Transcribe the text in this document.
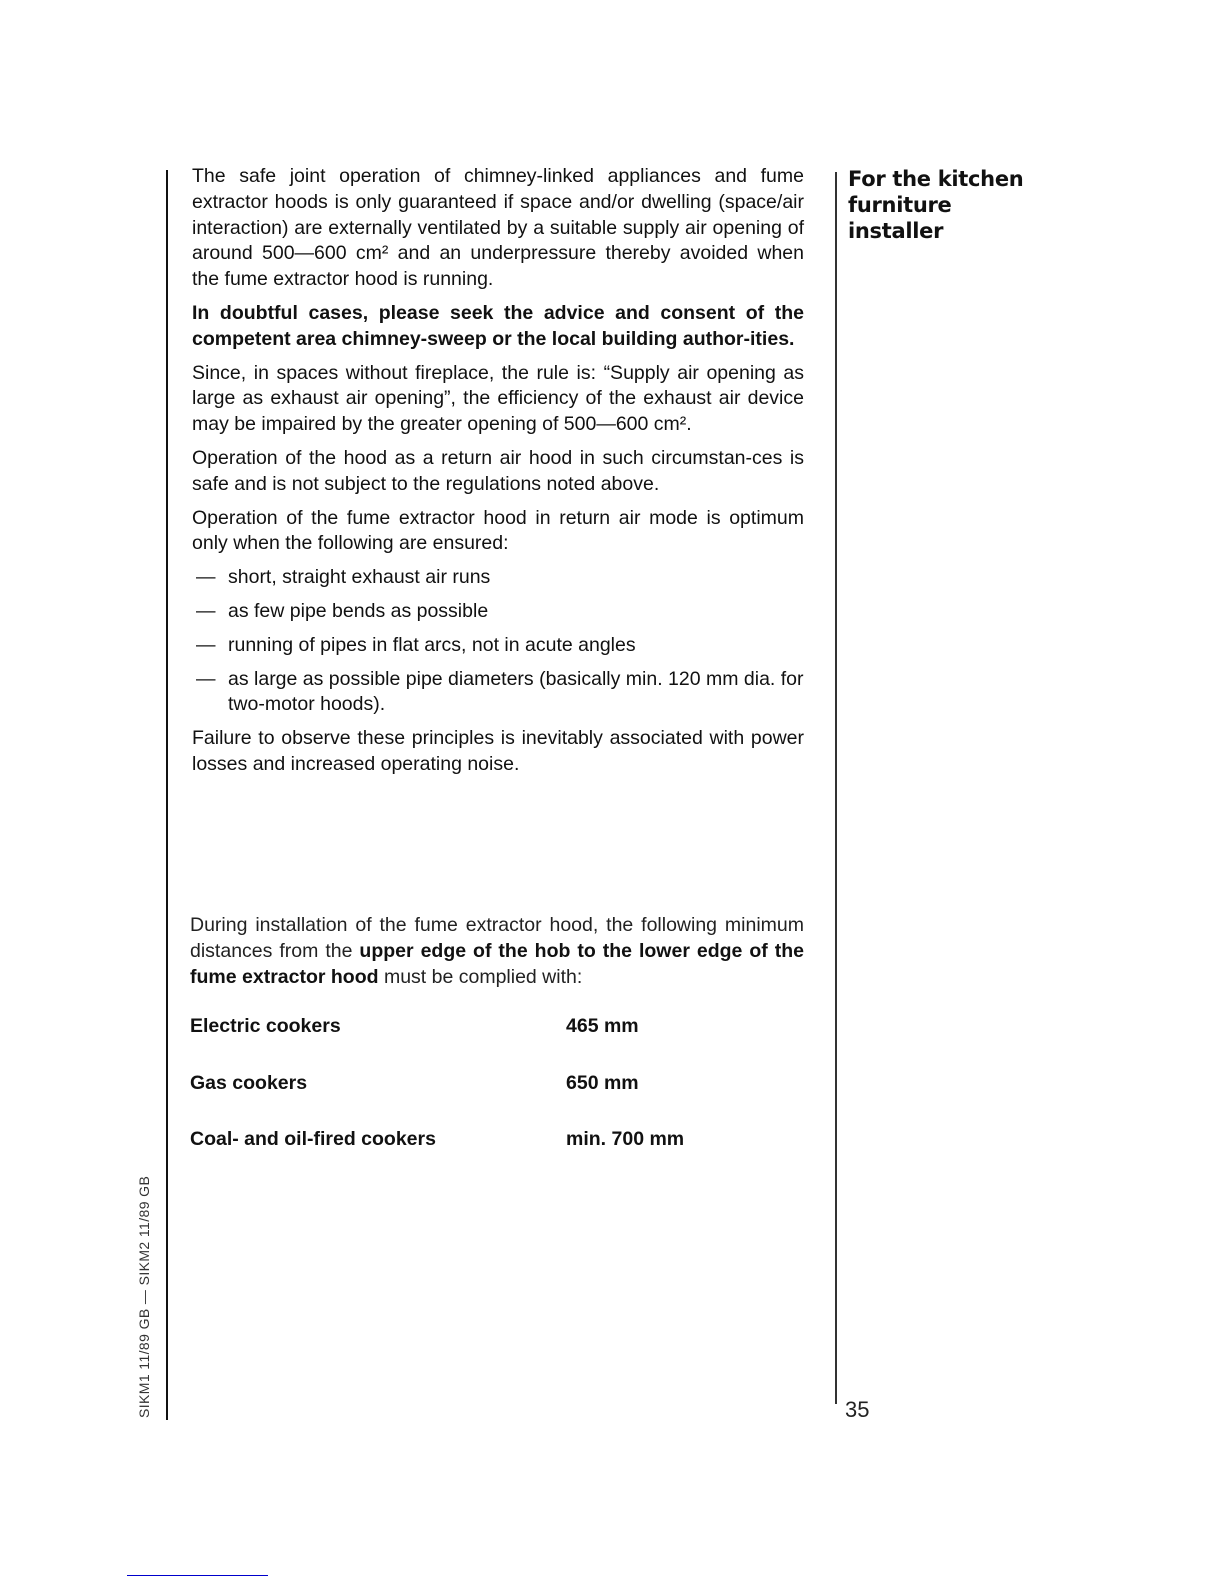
The safe joint operation of chimney-linked appliances and fume extractor hoods is only guaranteed if space and/or dwelling (space/air interaction) are externally ventilated by a suitable supply air opening of around 500—600 cm² and an underpressure thereby avoided when the fume extractor hood is running.

In doubtful cases, please seek the advice and consent of the competent area chimney-sweep or the local building author-ities.

Since, in spaces without fireplace, the rule is: “Supply air opening as large as exhaust air opening”, the efficiency of the exhaust air device may be impaired by the greater opening of 500—600 cm².

Operation of the hood as a return air hood in such circumstan-ces is safe and is not subject to the regulations noted above.

Operation of the fume extractor hood in return air mode is optimum only when the following are ensured:

— short, straight exhaust air runs
— as few pipe bends as possible
— running of pipes in flat arcs, not in acute angles
— as large as possible pipe diameters (basically min. 120 mm dia. for two-motor hoods).

Failure to observe these principles is inevitably associated with power losses and increased operating noise.

During installation of the fume extractor hood, the following minimum distances from the upper edge of the hob to the lower edge of the fume extractor hood must be complied with:
Electric cookers	465 mm
Gas cookers	650 mm
Coal- and oil-fired cookers	min. 700 mm
For the kitchen
furniture
installer
SIKM1 11/89 GB — SIKM2 11/89 GB	35
